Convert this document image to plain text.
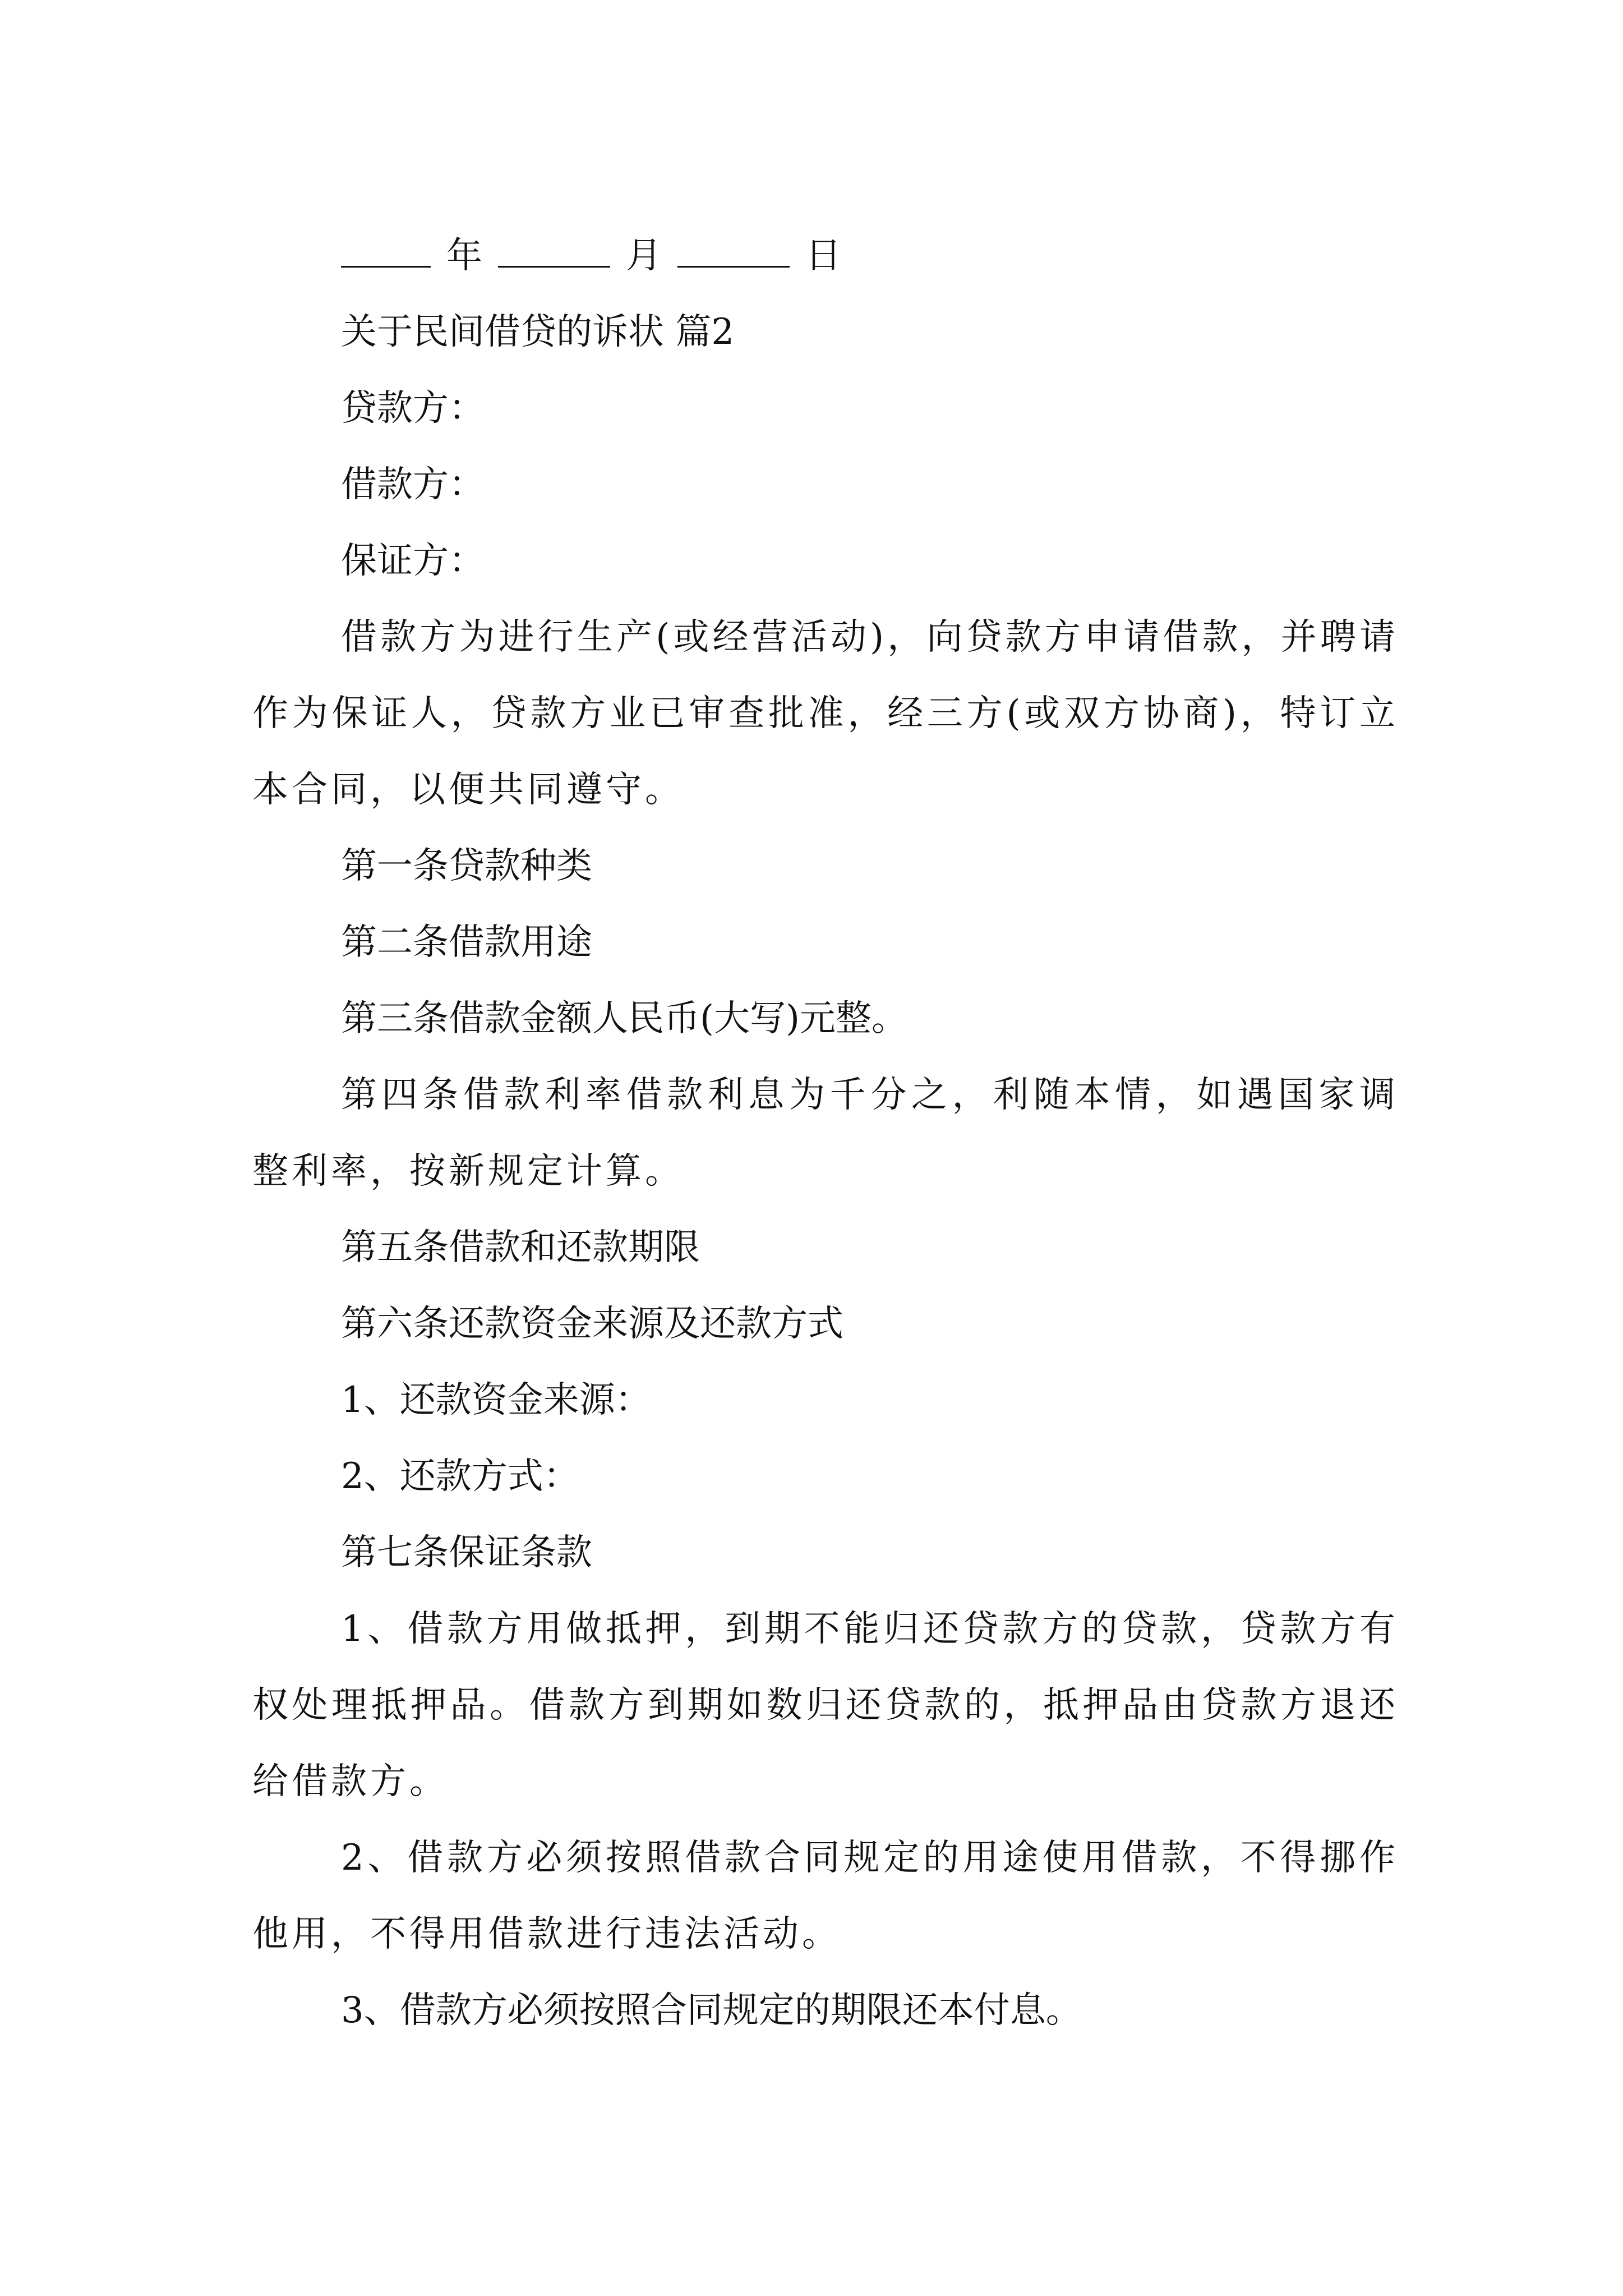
年	月	日

关于民间借贷的诉状 篇2

贷款方：

借款方：

保证方：

借款方为进行生产(或经营活动)，向贷款方申请借款，并聘请作为保证人，贷款方业已审查批准，经三方(或双方协商)，特订立本合同，以便共同遵守。

第一条贷款种类

第二条借款用途

第三条借款金额人民币(大写)元整。

第四条借款利率借款利息为千分之，利随本情，如遇国家调整利率，按新规定计算。

第五条借款和还款期限

第六条还款资金来源及还款方式

1、还款资金来源：

2、还款方式：

第七条保证条款

1、借款方用做抵押，到期不能归还贷款方的贷款，贷款方有权处理抵押品。借款方到期如数归还贷款的，抵押品由贷款方退还给借款方。

2、借款方必须按照借款合同规定的用途使用借款，不得挪作他用，不得用借款进行违法活动。

3、借款方必须按照合同规定的期限还本付息。
